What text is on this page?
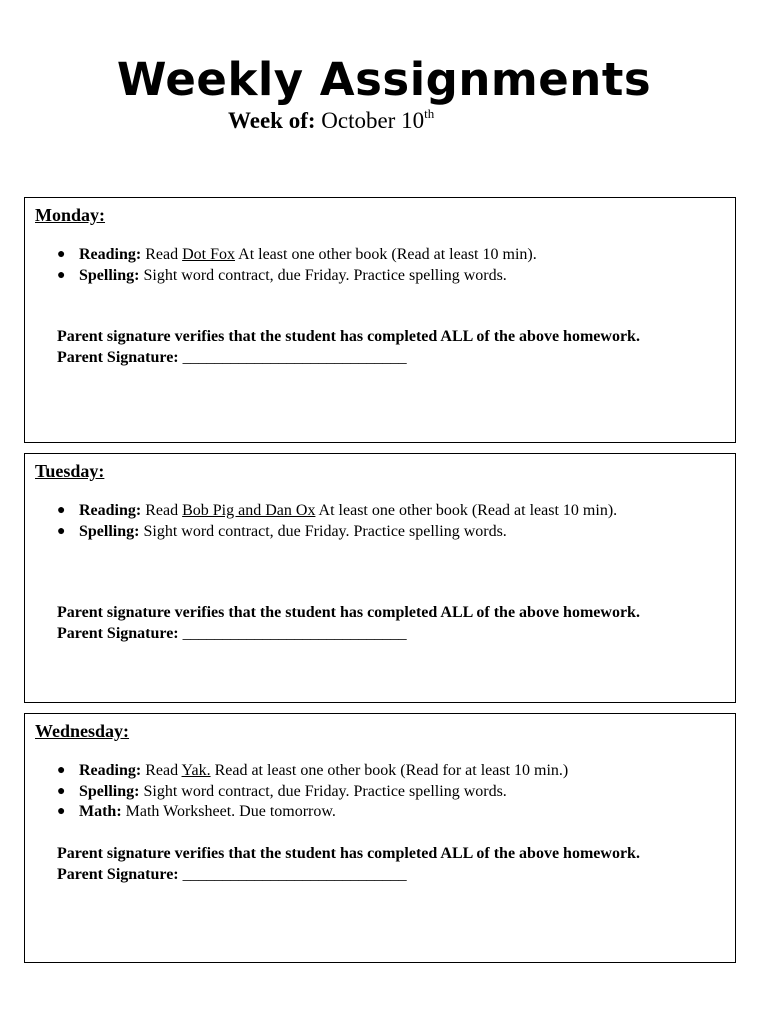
Weekly Assignments
Week of: October 10th
Monday:
● Reading: Read Dot Fox At least one other book (Read at least 10 min).
● Spelling: Sight word contract, due Friday. Practice spelling words.
Parent signature verifies that the student has completed ALL of the above homework.
Parent Signature: ____________________________
Tuesday:
● Reading: Read Bob Pig and Dan Ox At least one other book (Read at least 10 min).
● Spelling: Sight word contract, due Friday. Practice spelling words.
Parent signature verifies that the student has completed ALL of the above homework.
Parent Signature: ____________________________
Wednesday:
● Reading: Read Yak. Read at least one other book (Read for at least 10 min.)
● Spelling: Sight word contract, due Friday. Practice spelling words.
● Math: Math Worksheet. Due tomorrow.
Parent signature verifies that the student has completed ALL of the above homework.
Parent Signature: ____________________________
